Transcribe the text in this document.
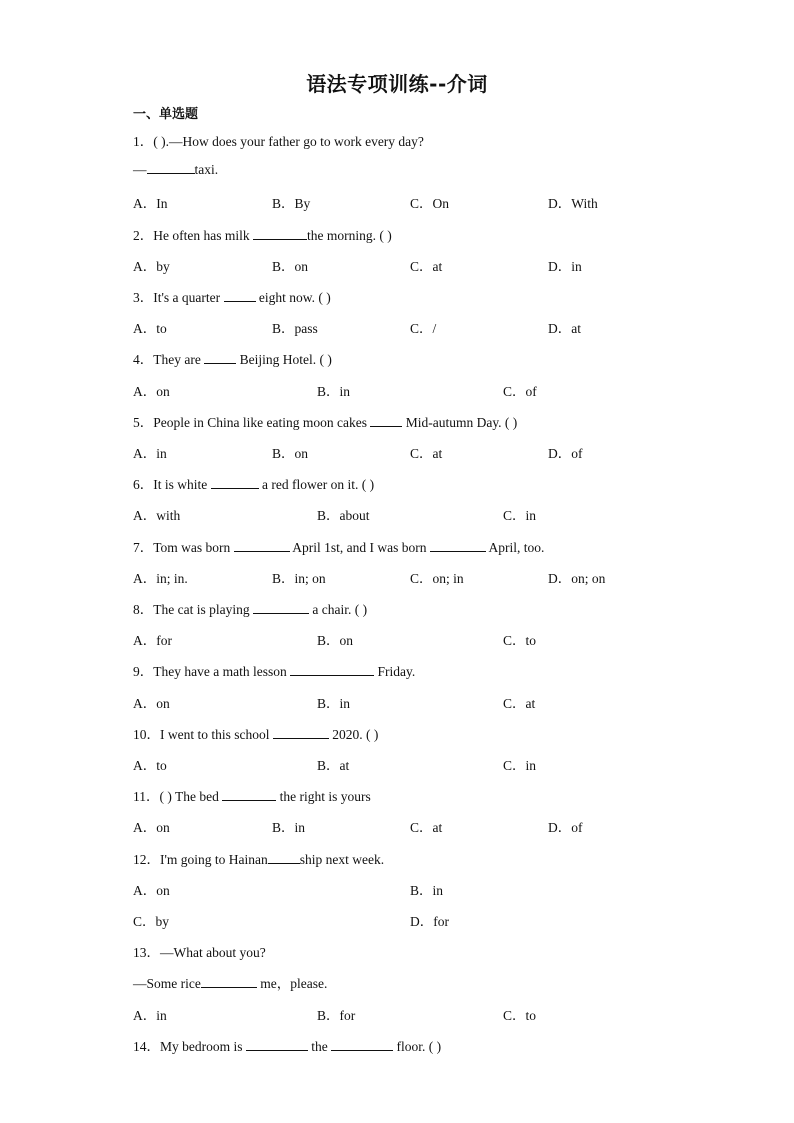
语法专项训练--介词
一、单选题
1．( ).—How does your father go to work every day?
—	taxi.
A．In	B．By	C．On	D．With
2．He often has milk	the morning. ( )
A．by	B．on	C．at	D．in
3．It's a quarter  eight now. ( )
A．to	B．pass	C．/	D．at
4．They are  Beijing Hotel. ( )
A．on	B．in	C．of
5．People in China like eating moon cakes  Mid-autumn Day. ( )
A．in	B．on	C．at	D．of
6．It is white	a red flower on it. ( )
A．with	B．about	C．in
7．Tom was born	April 1st, and I was born	April, too.
A．in; in.	B．in; on	C．on; in	D．on; on
8．The cat is playing	a chair. ( )
A．for	B．on	C．to
9．They have a math lesson	Friday.
A．on	B．in	C．at
10．I went to this school	2020. ( )
A．to	B．at	C．in
11．( ) The bed	the right is yours
A．on	B．in	C．at	D．of
12．I'm going to Hainan ship next week.
A．on	B．in
C．by	D．for
13．—What about you?
—Some rice	me，please.
A．in	B．for	C．to
14．My bedroom is	the	floor. ( )
